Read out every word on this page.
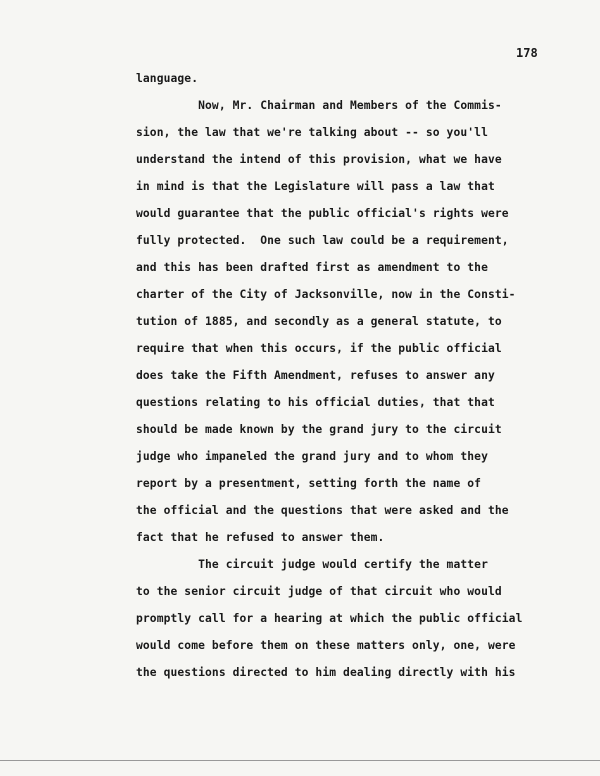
178
language.
Now, Mr. Chairman and Members of the Commis-
sion, the law that we're talking about -- so you'll
understand the intend of this provision, what we have
in mind is that the Legislature will pass a law that
would guarantee that the public official's rights were
fully protected.  One such law could be a requirement,
and this has been drafted first as amendment to the
charter of the City of Jacksonville, now in the Consti-
tution of 1885, and secondly as a general statute, to
require that when this occurs, if the public official
does take the Fifth Amendment, refuses to answer any
questions relating to his official duties, that that
should be made known by the grand jury to the circuit
judge who impaneled the grand jury and to whom they
report by a presentment, setting forth the name of
the official and the questions that were asked and the
fact that he refused to answer them.
The circuit judge would certify the matter
to the senior circuit judge of that circuit who would
promptly call for a hearing at which the public official
would come before them on these matters only, one, were
the questions directed to him dealing directly with his
